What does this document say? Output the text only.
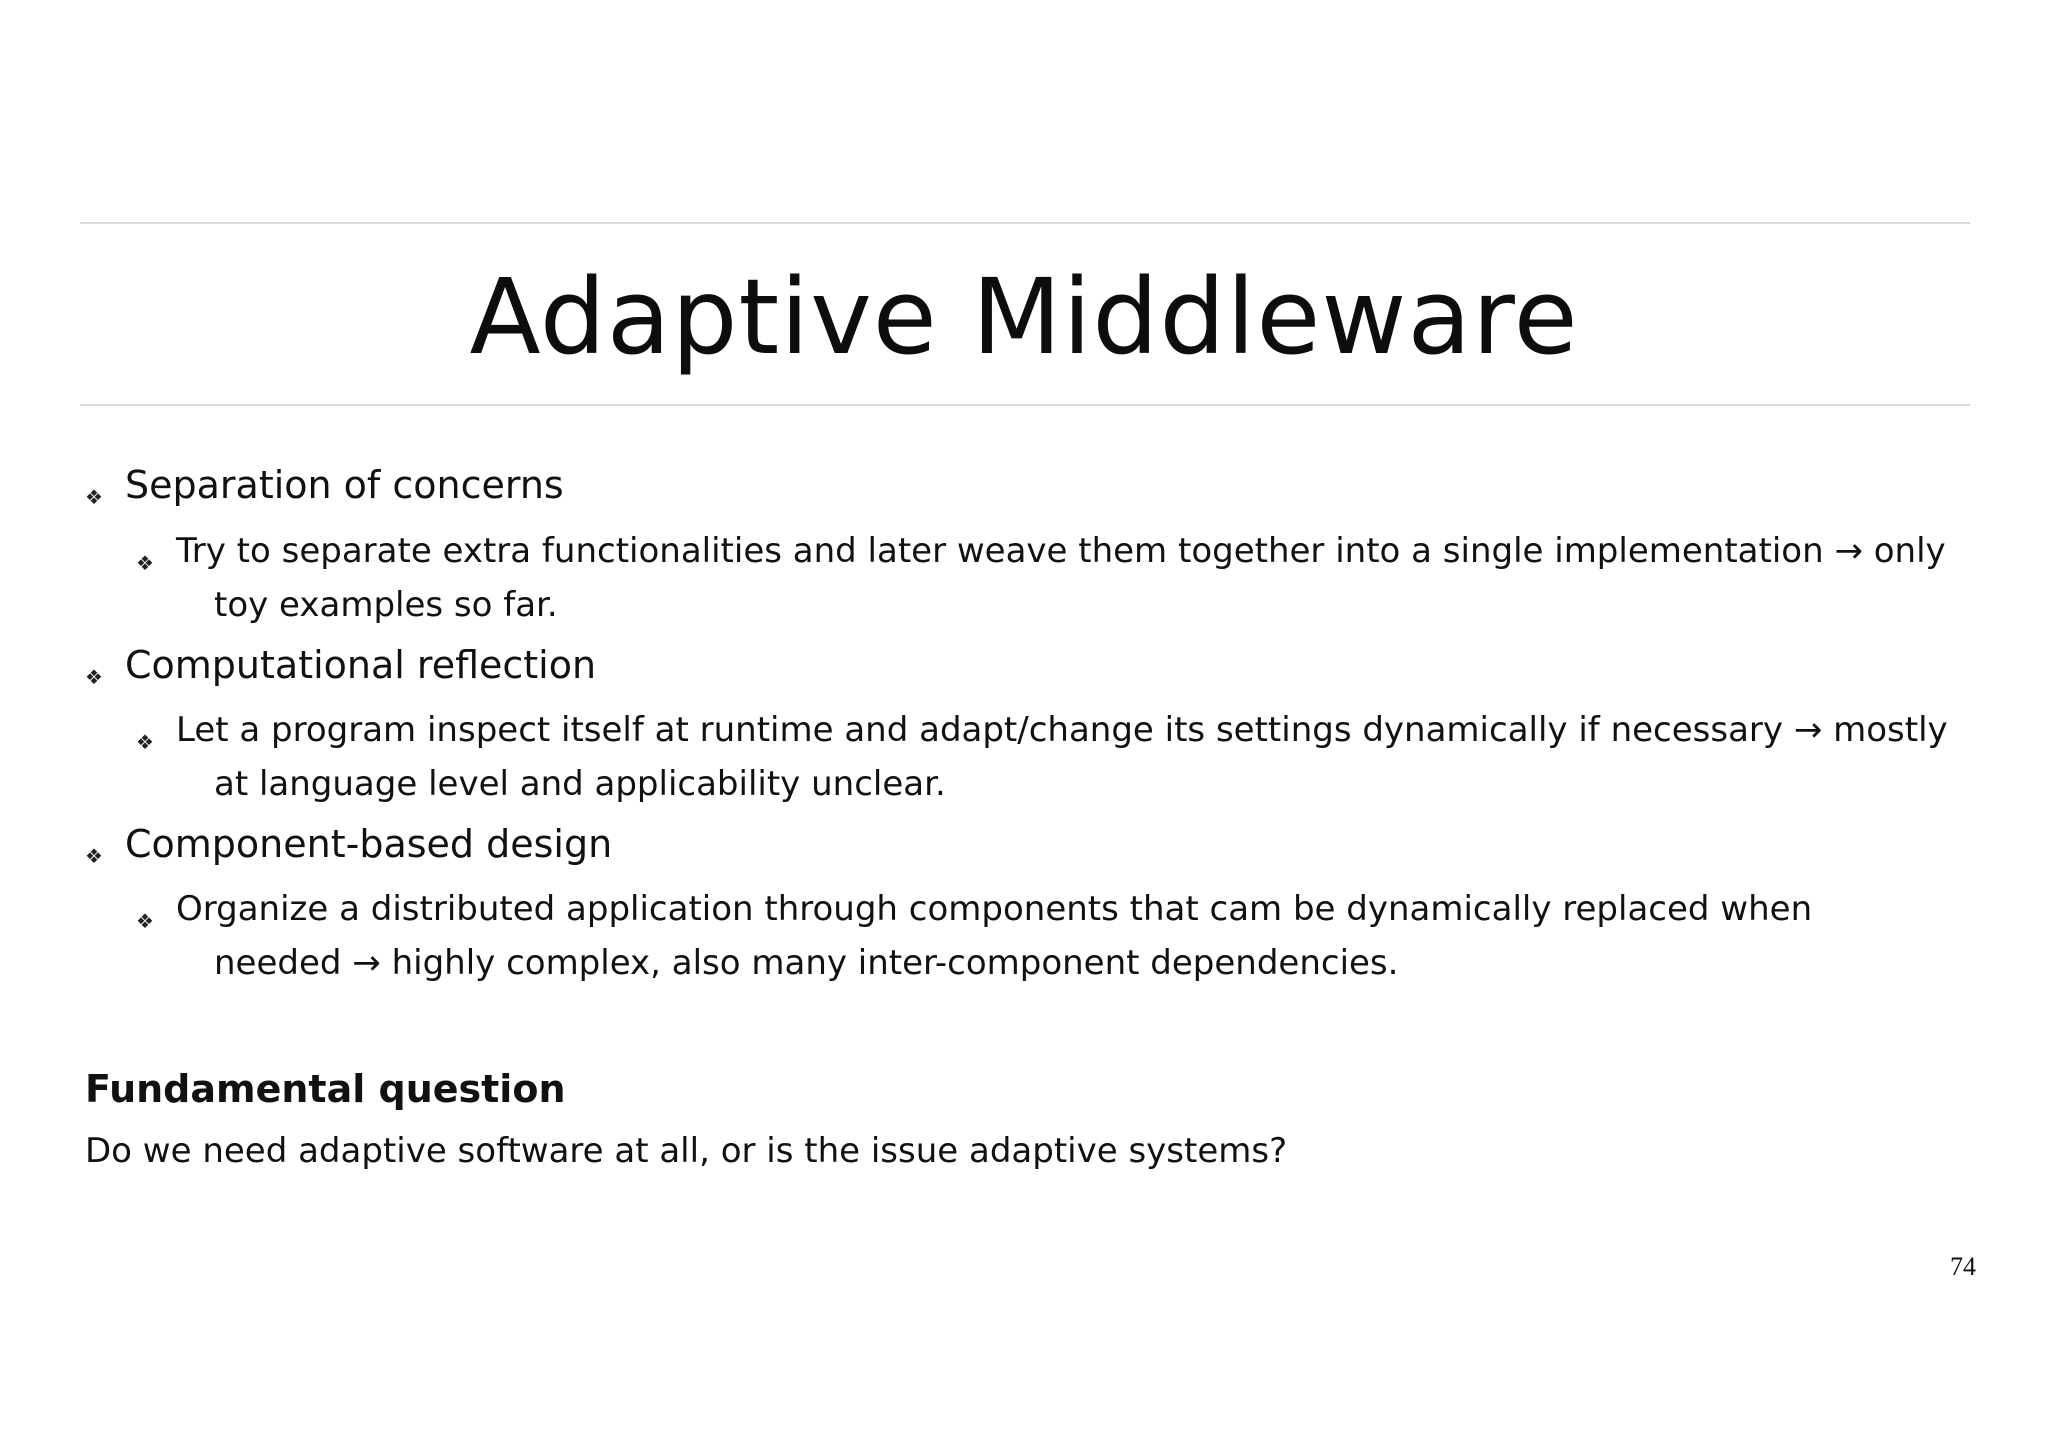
Adaptive Middleware
❖ Separation of concerns
❖ Try to separate extra functionalities and later weave them together into a single implementation → only
toy examples so far.
❖ Computational reflection
❖ Let a program inspect itself at runtime and adapt/change its settings dynamically if necessary → mostly
at language level and applicability unclear.
❖ Component-based design
❖ Organize a distributed application through components that cam be dynamically replaced when
needed → highly complex, also many inter-component dependencies.
Fundamental question
Do we need adaptive software at all, or is the issue adaptive systems?
74
